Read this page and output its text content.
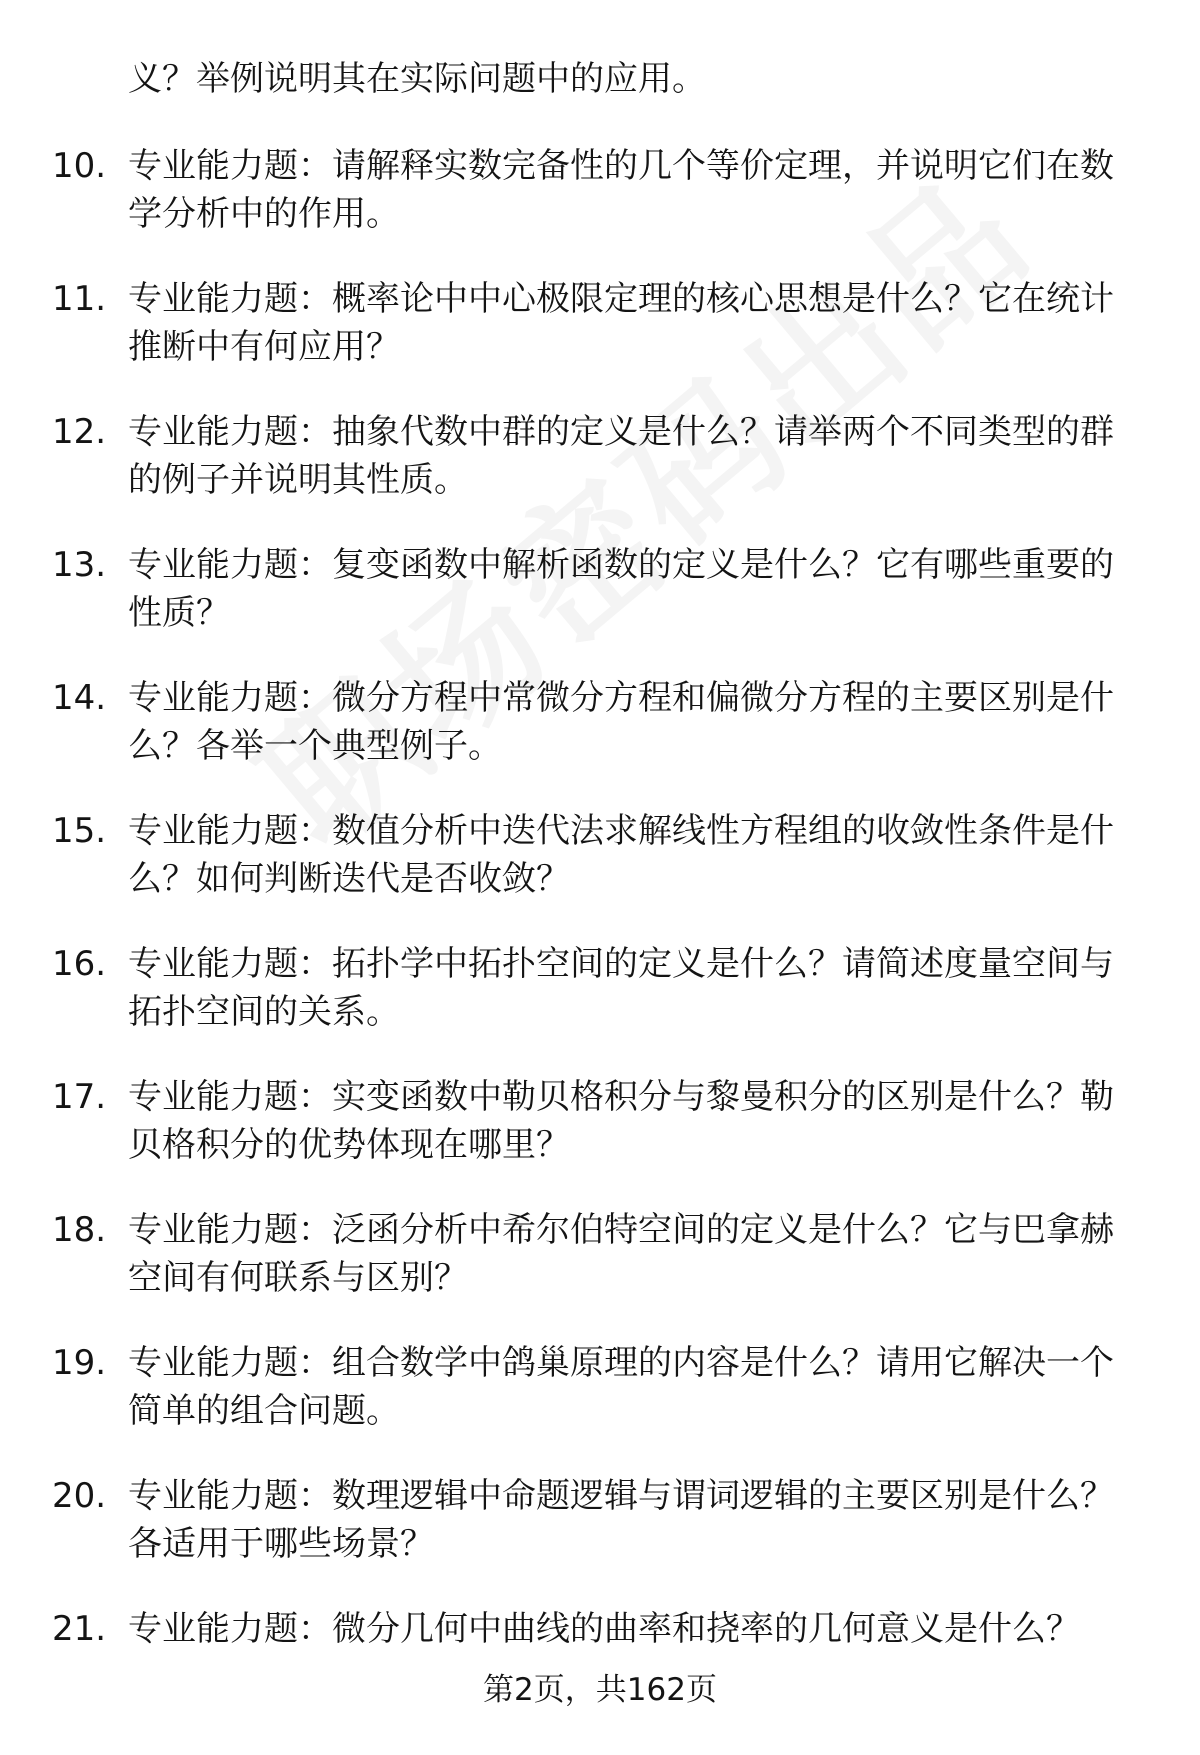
义？举例说明其在实际问题中的应用。
10. 专业能力题：请解释实数完备性的几个等价定理，并说明它们在数学分析中的作用。
11. 专业能力题：概率论中中心极限定理的核心思想是什么？它在统计推断中有何应用？
12. 专业能力题：抽象代数中群的定义是什么？请举两个不同类型的群的例子并说明其性质。
13. 专业能力题：复变函数中解析函数的定义是什么？它有哪些重要的性质？
14. 专业能力题：微分方程中常微分方程和偏微分方程的主要区别是什么？各举一个典型例子。
15. 专业能力题：数值分析中迭代法求解线性方程组的收敛性条件是什么？如何判断迭代是否收敛？
16. 专业能力题：拓扑学中拓扑空间的定义是什么？请简述度量空间与拓扑空间的关系。
17. 专业能力题：实变函数中勒贝格积分与黎曼积分的区别是什么？勒贝格积分的优势体现在哪里？
18. 专业能力题：泛函分析中希尔伯特空间的定义是什么？它与巴拿赫空间有何联系与区别？
19. 专业能力题：组合数学中鸽巢原理的内容是什么？请用它解决一个简单的组合问题。
20. 专业能力题：数理逻辑中命题逻辑与谓词逻辑的主要区别是什么？各适用于哪些场景？
21. 专业能力题：微分几何中曲线的曲率和挠率的几何意义是什么？
第2页，共162页
